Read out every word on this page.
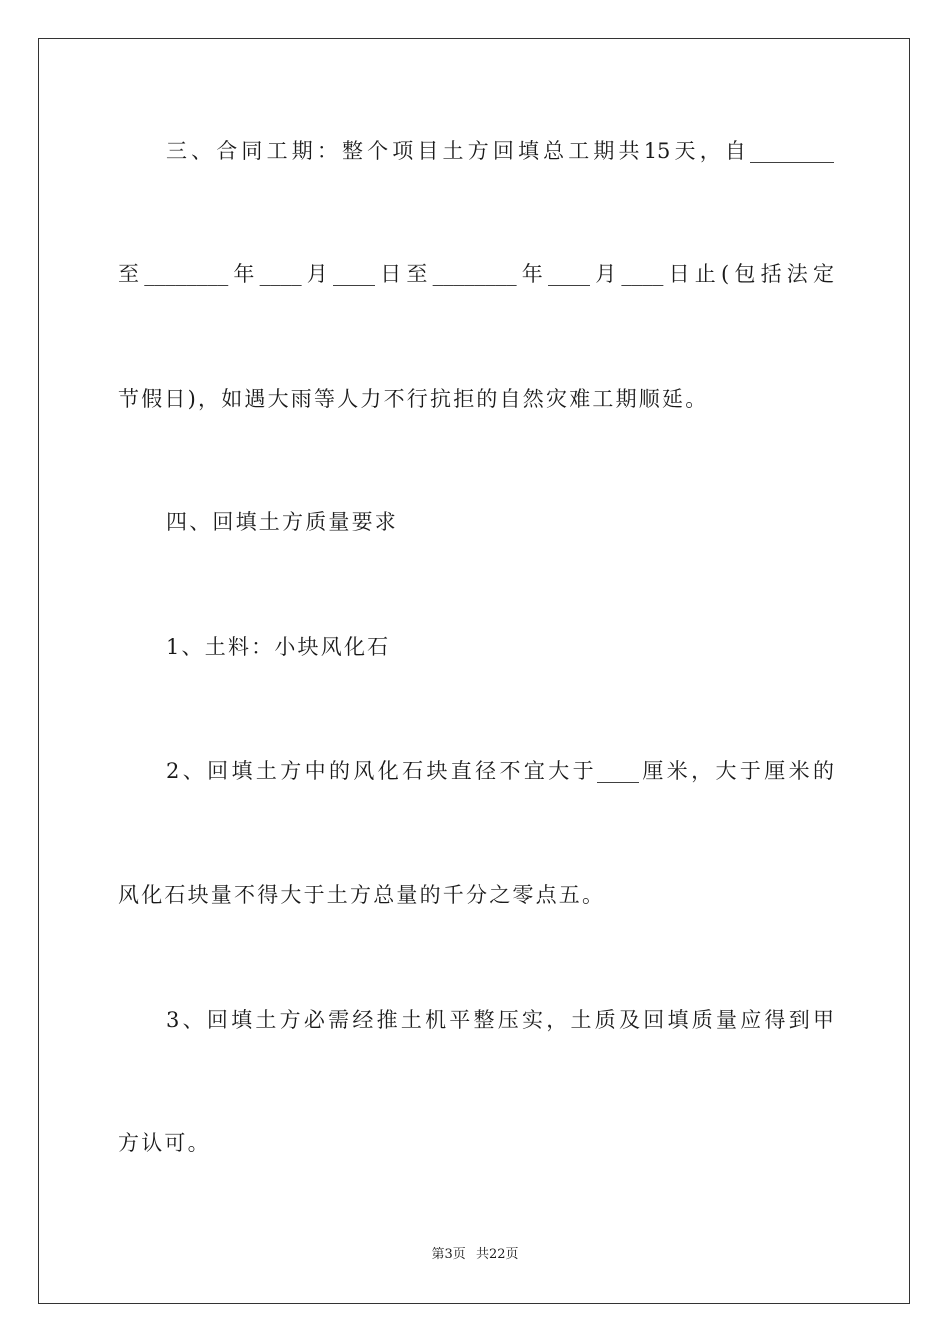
三、合同工期：整个项目土方回填总工期共15天，自________
至________年____月____日至________年____月____日止(包括法定
节假日)，如遇大雨等人力不行抗拒的自然灾难工期顺延。
四、回填土方质量要求
1、土料：小块风化石
2、回填土方中的风化石块直径不宜大于____厘米，大于厘米的
风化石块量不得大于土方总量的千分之零点五。
3、回填土方必需经推土机平整压实，土质及回填质量应得到甲
方认可。
第3页 共22页
